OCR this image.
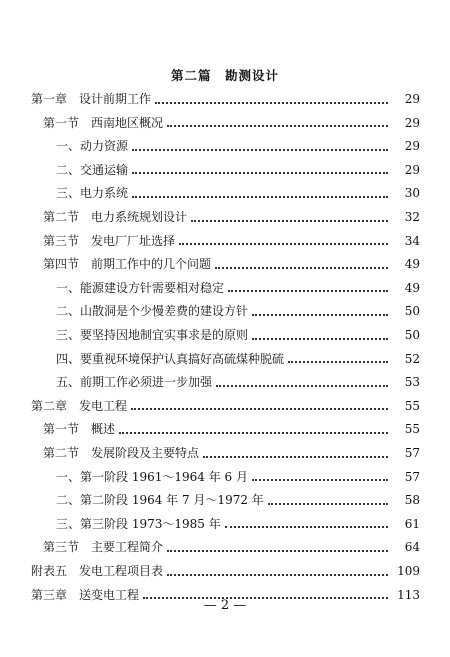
第二篇　勘测设计
第一章　设计前期工作	29
第一节　西南地区概况	29
一、动力资源	29
二、交通运输	29
三、电力系统	30
第二节　电力系统规划设计	32
第三节　发电厂厂址选择	34
第四节　前期工作中的几个问题	49
一、能源建设方针需要相对稳定	49
二、山散洞是个少慢差费的建设方针	50
三、要坚持因地制宜实事求是的原则	50
四、要重视环境保护认真搞好高硫煤种脱硫	52
五、前期工作必须进一步加强	53
第二章　发电工程	55
第一节　概述	55
第二节　发展阶段及主要特点	57
一、第一阶段 1961～1964 年 6 月	57
二、第二阶段 1964 年 7 月～1972 年	58
三、第三阶段 1973～1985 年	61
第三节　主要工程简介	64
附表五　发电工程项目表	109
第三章　送变电工程	113
— 2 —
